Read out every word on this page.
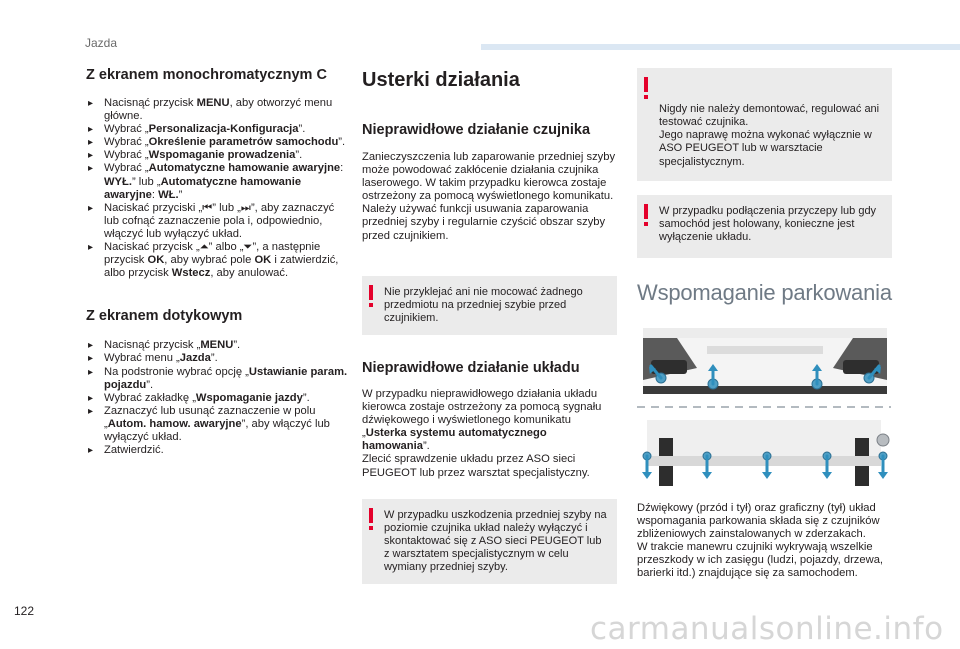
Jazda
Z ekranem monochromatycznym C
▸ Nacisnąć przycisk MENU, aby otworzyć menu główne.
▸ Wybrać „Personalizacja-Konfiguracja”.
▸ Wybrać „Określenie parametrów samochodu”.
▸ Wybrać „Wspomaganie prowadzenia”.
▸ Wybrać „Automatyczne hamowanie awaryjne: WYŁ.” lub „Automatyczne hamowanie awaryjne: WŁ.”
▸ Naciskać przyciski „⏮” lub „⏭”, aby zaznaczyć lub cofnąć zaznaczenie pola i, odpowiednio, włączyć lub wyłączyć układ.
▸ Naciskać przycisk „⏶” albo „⏷”, a następnie przycisk OK, aby wybrać pole OK i zatwierdzić, albo przycisk Wstecz, aby anulować.
Z ekranem dotykowym
▸ Nacisnąć przycisk „MENU”.
▸ Wybrać menu „Jazda”.
▸ Na podstronie wybrać opcję „Ustawianie param. pojazdu”.
▸ Wybrać zakładkę „Wspomaganie jazdy”.
▸ Zaznaczyć lub usunąć zaznaczenie w polu „Autom. hamow. awaryjne”, aby włączyć lub wyłączyć układ.
▸ Zatwierdzić.
Usterki działania
Nieprawidłowe działanie czujnika

Zanieczyszczenia lub zaparowanie przedniej szyby może powodować zakłócenie działania czujnika laserowego. W takim przypadku kierowca zostaje ostrzeżony za pomocą wyświetlonego komunikatu.
Należy używać funkcji usuwania zaparowania przedniej szyby i regularnie czyścić obszar szyby przed czujnikiem.

Nie przyklejać ani nie mocować żadnego przedmiotu na przedniej szybie przed czujnikiem.
Nieprawidłowe działanie układu

W przypadku nieprawidłowego działania układu kierowca zostaje ostrzeżony za pomocą sygnału dźwiękowego i wyświetlonego komunikatu „Usterka systemu automatycznego hamowania”.
Zlecić sprawdzenie układu przez ASO sieci PEUGEOT lub przez warsztat specjalistyczny.

W przypadku uszkodzenia przedniej szyby na poziomie czujnika układ należy wyłączyć i skontaktować się z ASO sieci PEUGEOT lub z warsztatem specjalistycznym w celu wymiany przedniej szyby.

Nigdy nie należy demontować, regulować ani testować czujnika.
Jego naprawę można wykonać wyłącznie w ASO PEUGEOT lub w warsztacie specjalistycznym.

W przypadku podłączenia przyczepy lub gdy samochód jest holowany, konieczne jest wyłączenie układu.
Wspomaganie parkowania

Dźwiękowy (przód i tył) oraz graficzny (tył) układ wspomagania parkowania składa się z czujników zbliżeniowych zainstalowanych w zderzakach.
W trakcie manewru czujniki wykrywają wszelkie przeszkody w ich zasięgu (ludzi, pojazdy, drzewa, barierki itd.) znajdujące się za samochodem.

122	carmanualsonline.info
